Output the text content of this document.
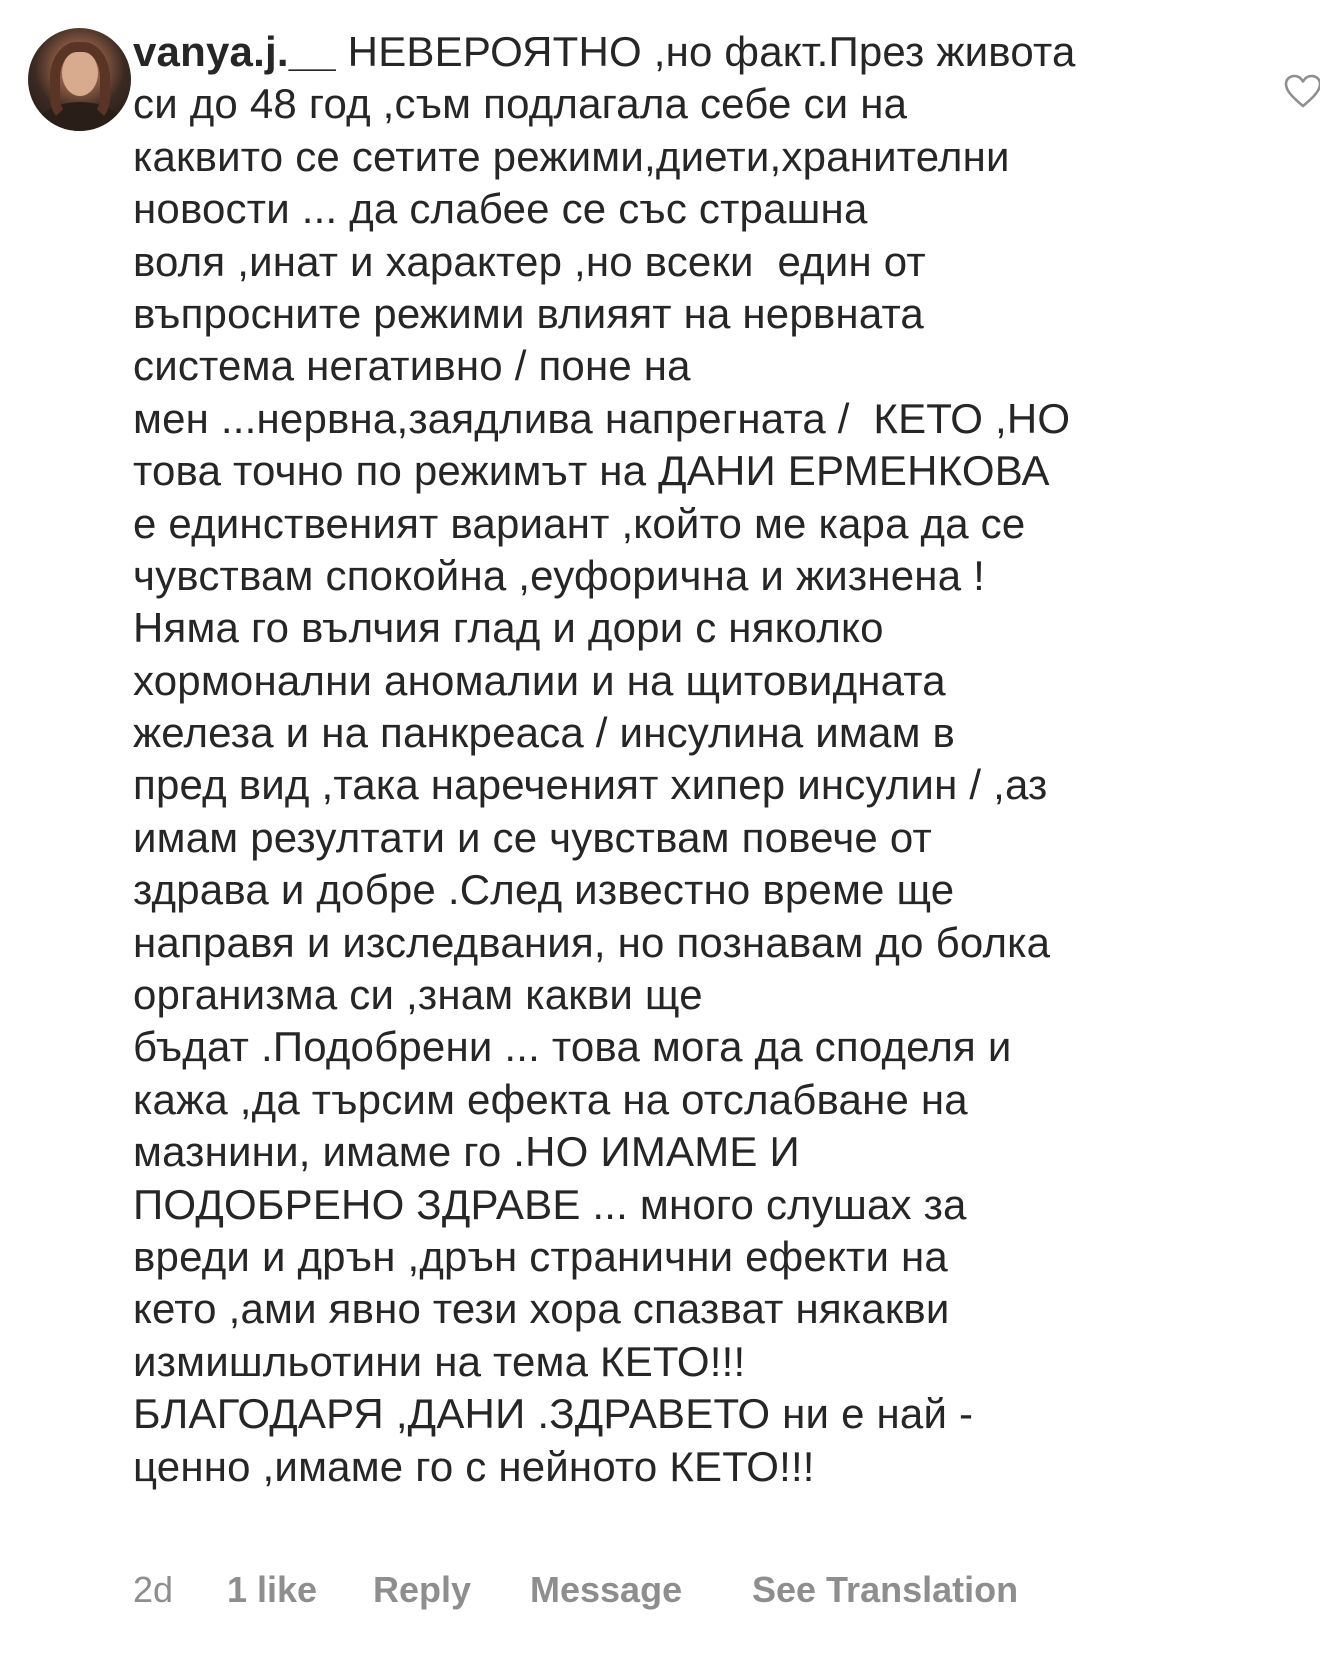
vanya.j.__ НЕВЕРОЯТНО ,но факт.През живота
си до 48 год ,съм подлагала себе си на
каквито се сетите режими,диети,хранителни
новости ... да слабее се със страшна
воля ,инат и характер ,но всеки  един от
въпросните режими влияят на нервната
система негативно / поне на
мен ...нервна,заядлива напрегната /  КЕТО ,НО
това точно по режимът на ДАНИ ЕРМЕНКОВА
е единственият вариант ,който ме кара да се
чувствам спокойна ,еуфорична и жизнена !
Няма го вълчия глад и дори с няколко
хормонални аномалии и на щитовидната
железа и на панкреаса / инсулина имам в
пред вид ,така нареченият хипер инсулин / ,аз
имам резултати и се чувствам повече от
здрава и добре .След известно време ще
направя и изследвания, но познавам до болка
организма си ,знам какви ще
бъдат .Подобрени ... това мога да споделя и
кажа ,да търсим ефекта на отслабване на
мазнини, имаме го .НО ИМАМЕ И
ПОДОБРЕНО ЗДРАВЕ ... много слушах за
вреди и дрън ,дрън странични ефекти на
кето ,ами явно тези хора спазват някакви
измишльотини на тема КЕТО!!!
БЛАГОДАРЯ ,ДАНИ .ЗДРАВЕТО ни е най -
ценно ,имаме го с нейното КЕТО!!!
2d 1 like Reply Message See Translation
